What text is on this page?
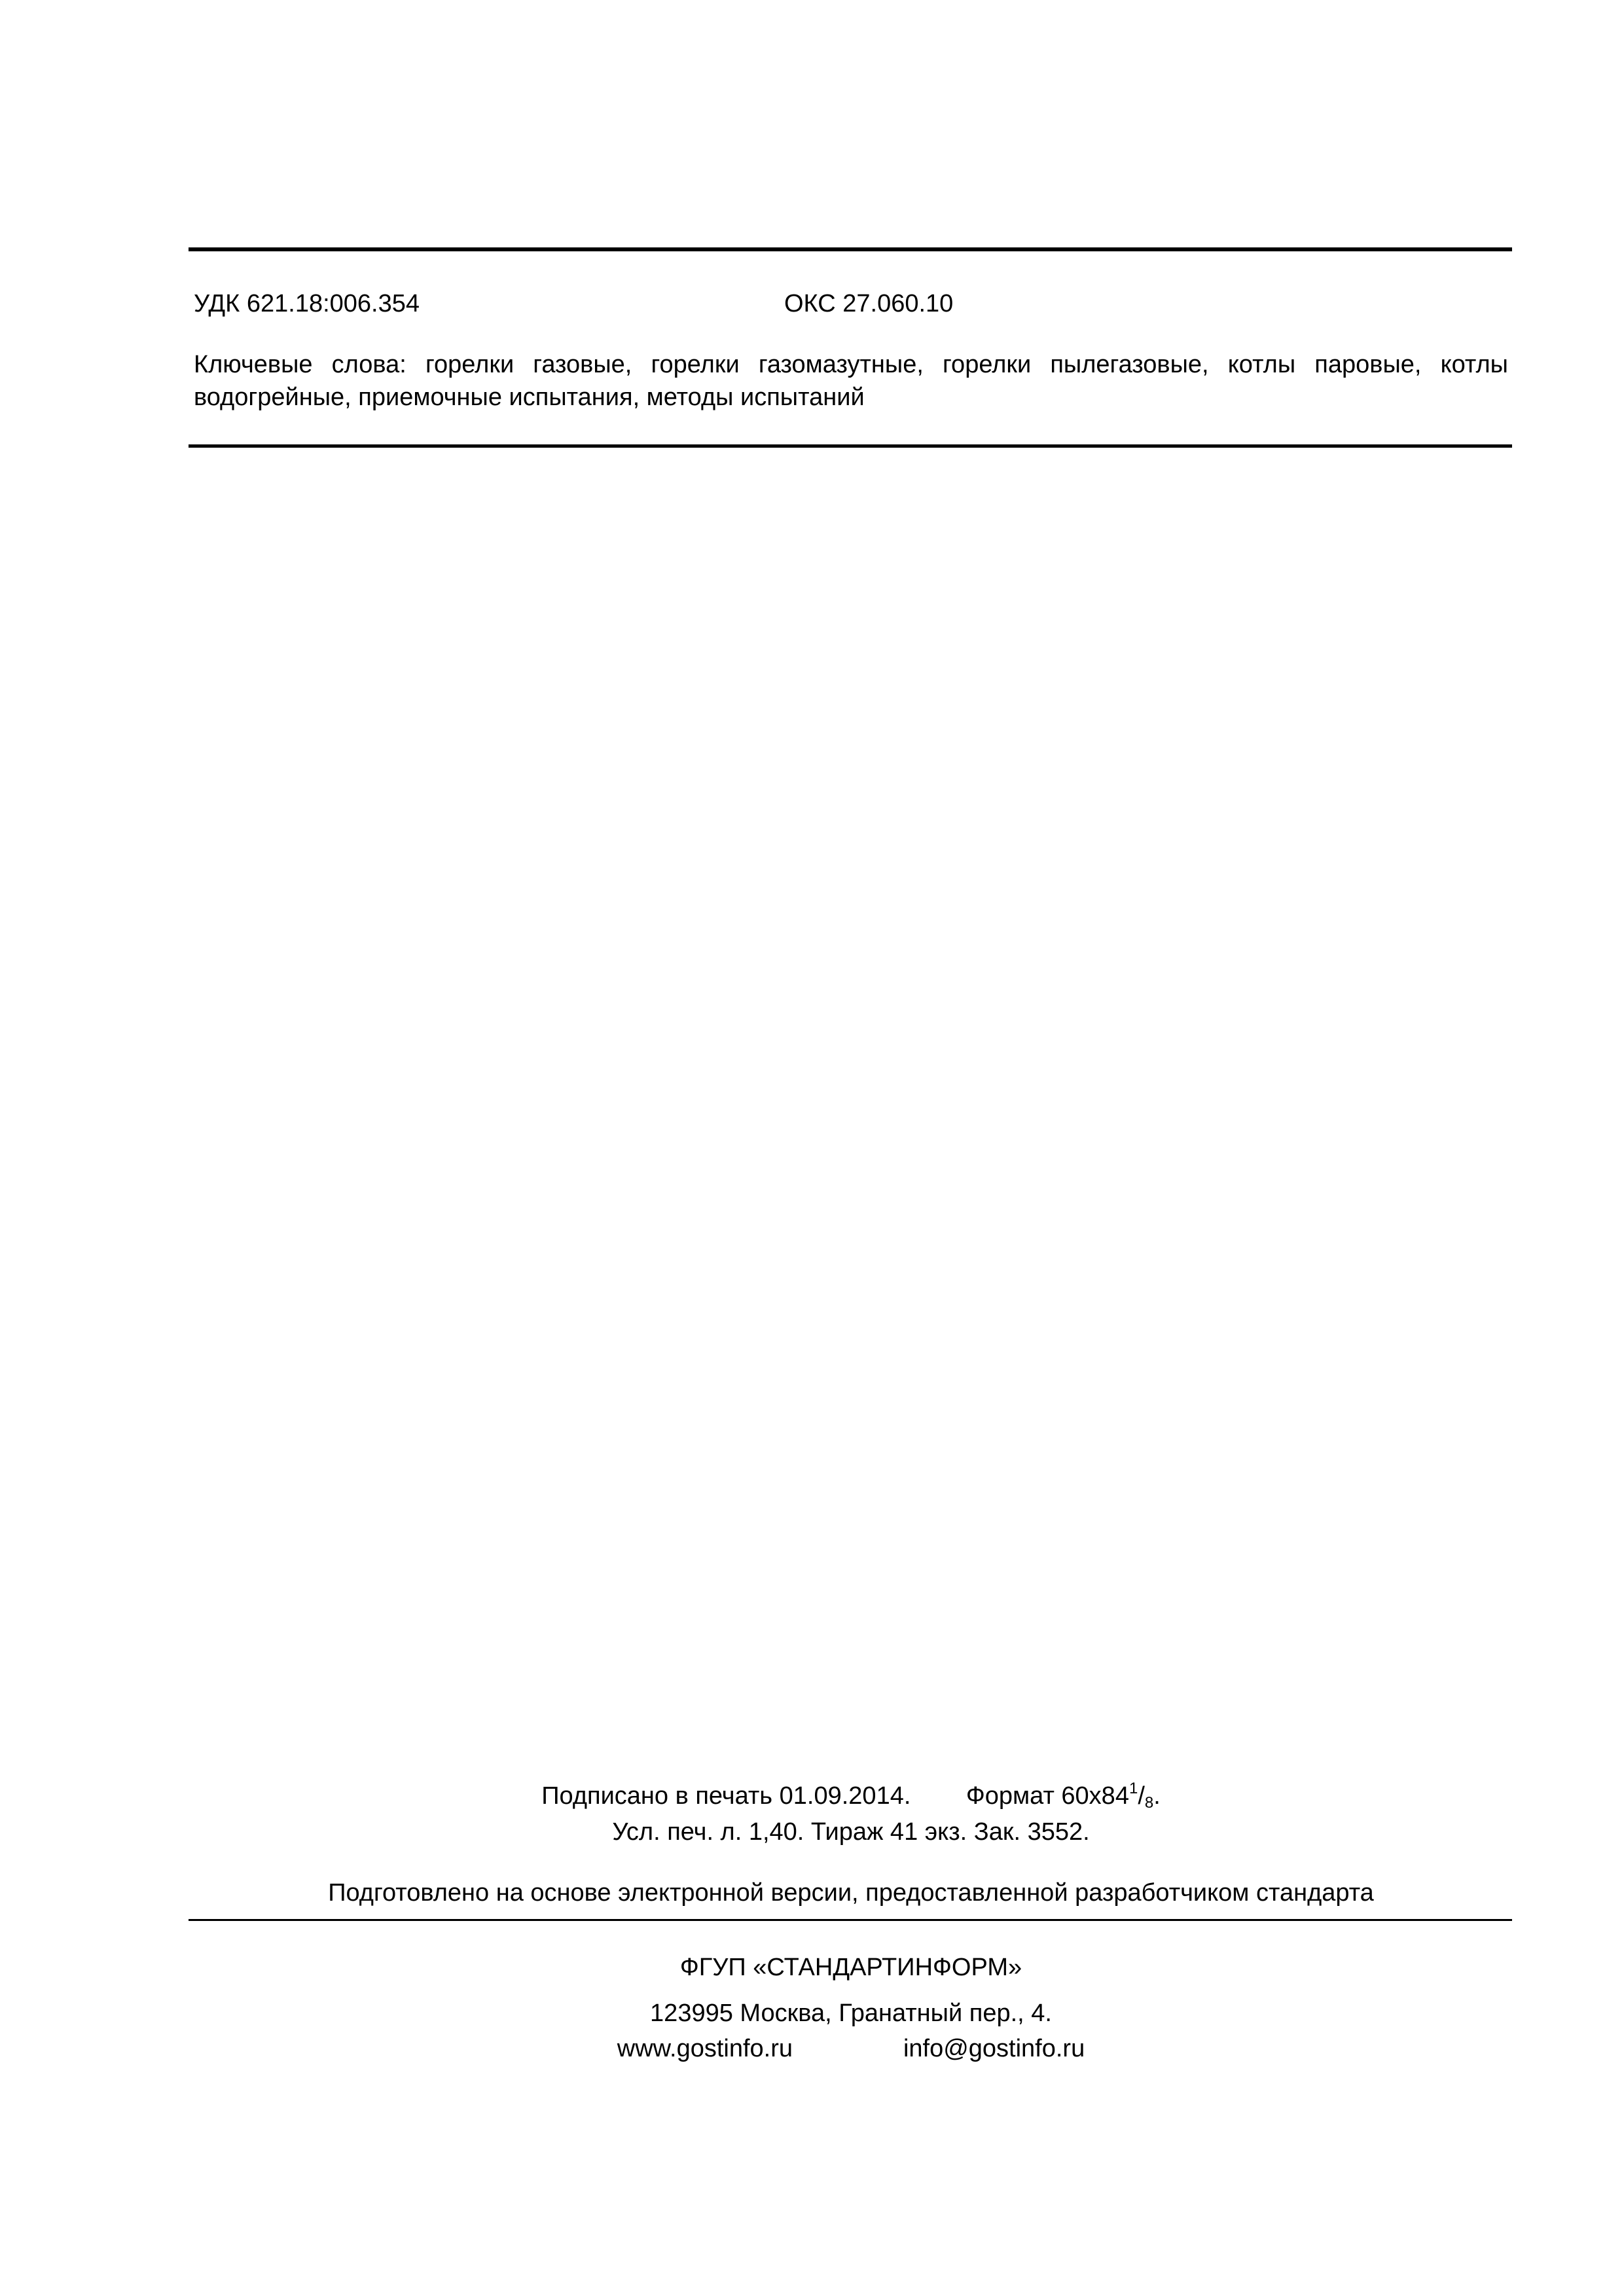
УДК 621.18:006.354	ОКС 27.060.10
Ключевые слова: горелки газовые, горелки газомазутные, горелки пылегазовые, котлы паровые, котлы водогрейные, приемочные испытания, методы испытаний
Подписано в печать 01.09.2014. Формат $60x84^1/_8$.
Усл. печ. л. 1,40. Тираж 41 экз. Зак. 3552.
Подготовлено на основе электронной версии, предоставленной разработчиком стандарта
ФГУП «СТАНДАРТИНФОРМ»
123995 Москва, Гранатный пер., 4.
www.gostinfo.ru	info@gostinfo.ru
